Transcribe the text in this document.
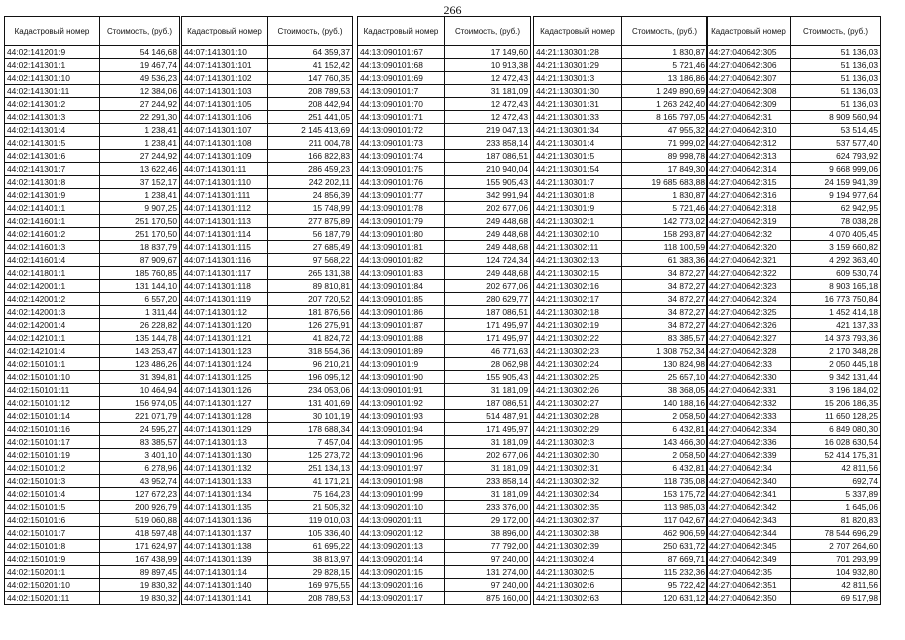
266
Кадастровый номер	Стоимость, (руб.)
44:02:141201:9	54 146,68
44:02:141301:1	19 467,74
44:02:141301:10	49 536,23
44:02:141301:11	12 384,06
44:02:141301:2	27 244,92
44:02:141301:3	22 291,30
44:02:141301:4	1 238,41
44:02:141301:5	1 238,41
44:02:141301:6	27 244,92
44:02:141301:7	13 622,46
44:02:141301:8	37 152,17
44:02:141301:9	1 238,41
44:02:141401:1	9 907,25
44:02:141601:1	251 170,50
44:02:141601:2	251 170,50
44:02:141601:3	18 837,79
44:02:141601:4	87 909,67
44:02:141801:1	185 760,85
44:02:142001:1	131 144,10
44:02:142001:2	6 557,20
44:02:142001:3	1 311,44
44:02:142001:4	26 228,82
44:02:142101:1	135 144,78
44:02:142101:4	143 253,47
44:02:150101:1	123 486,26
44:02:150101:10	31 394,81
44:02:150101:11	10 464,94
44:02:150101:12	156 974,05
44:02:150101:14	221 071,79
44:02:150101:16	24 595,27
44:02:150101:17	83 385,57
44:02:150101:19	3 401,10
44:02:150101:2	6 278,96
44:02:150101:3	43 952,74
44:02:150101:4	127 672,23
44:02:150101:5	200 926,79
44:02:150101:6	519 060,88
44:02:150101:7	418 597,48
44:02:150101:8	171 624,97
44:02:150101:9	167 438,99
44:02:150201:1	89 897,45
44:02:150201:10	19 830,32
44:02:150201:11	19 830,32
Кадастровый номер	Стоимость, (руб.)
44:07:141301:10	64 359,37
44:07:141301:101	41 152,42
44:07:141301:102	147 760,35
44:07:141301:103	208 789,53
44:07:141301:105	208 442,94
44:07:141301:106	251 441,05
44:07:141301:107	2 145 413,69
44:07:141301:108	211 004,78
44:07:141301:109	166 822,83
44:07:141301:11	286 459,23
44:07:141301:110	242 202,11
44:07:141301:111	24 856,39
44:07:141301:112	15 748,99
44:07:141301:113	277 875,89
44:07:141301:114	56 187,79
44:07:141301:115	27 685,49
44:07:141301:116	97 568,22
44:07:141301:117	265 131,38
44:07:141301:118	89 810,81
44:07:141301:119	207 720,52
44:07:141301:12	181 876,56
44:07:141301:120	126 275,91
44:07:141301:121	41 824,72
44:07:141301:123	318 554,36
44:07:141301:124	96 210,21
44:07:141301:125	196 095,12
44:07:141301:126	234 053,06
44:07:141301:127	131 401,69
44:07:141301:128	30 101,19
44:07:141301:129	178 688,34
44:07:141301:13	7 457,04
44:07:141301:130	125 273,72
44:07:141301:132	251 134,13
44:07:141301:133	41 171,21
44:07:141301:134	75 164,23
44:07:141301:135	21 505,32
44:07:141301:136	119 010,03
44:07:141301:137	105 336,40
44:07:141301:138	61 695,22
44:07:141301:139	38 813,97
44:07:141301:14	29 828,15
44:07:141301:140	169 975,55
44:07:141301:141	208 789,53
Кадастровый номер	Стоимость, (руб.)
44:13:090101:67	17 149,60
44:13:090101:68	10 913,38
44:13:090101:69	12 472,43
44:13:090101:7	31 181,09
44:13:090101:70	12 472,43
44:13:090101:71	12 472,43
44:13:090101:72	219 047,13
44:13:090101:73	233 858,14
44:13:090101:74	187 086,51
44:13:090101:75	210 940,04
44:13:090101:76	155 905,43
44:13:090101:77	342 991,94
44:13:090101:78	202 677,06
44:13:090101:79	249 448,68
44:13:090101:80	249 448,68
44:13:090101:81	249 448,68
44:13:090101:82	124 724,34
44:13:090101:83	249 448,68
44:13:090101:84	202 677,06
44:13:090101:85	280 629,77
44:13:090101:86	187 086,51
44:13:090101:87	171 495,97
44:13:090101:88	171 495,97
44:13:090101:89	46 771,63
44:13:090101:9	28 062,98
44:13:090101:90	155 905,43
44:13:090101:91	31 181,09
44:13:090101:92	187 086,51
44:13:090101:93	514 487,91
44:13:090101:94	171 495,97
44:13:090101:95	31 181,09
44:13:090101:96	202 677,06
44:13:090101:97	31 181,09
44:13:090101:98	233 858,14
44:13:090101:99	31 181,09
44:13:090201:10	233 376,00
44:13:090201:11	29 172,00
44:13:090201:12	38 896,00
44:13:090201:13	77 792,00
44:13:090201:14	97 240,00
44:13:090201:15	131 274,00
44:13:090201:16	97 240,00
44:13:090201:17	875 160,00
Кадастровый номер	Стоимость, (руб.)
44:21:130301:28	1 830,87
44:21:130301:29	5 721,46
44:21:130301:3	13 186,86
44:21:130301:30	1 249 890,69
44:21:130301:31	1 263 242,40
44:21:130301:33	8 165 797,05
44:21:130301:34	47 955,32
44:21:130301:4	71 999,02
44:21:130301:5	89 998,78
44:21:130301:54	17 849,30
44:21:130301:7	19 685 683,88
44:21:130301:8	1 830,87
44:21:130301:9	5 721,46
44:21:130302:1	142 773,02
44:21:130302:10	158 293,87
44:21:130302:11	118 100,59
44:21:130302:13	61 383,36
44:21:130302:15	34 872,27
44:21:130302:16	34 872,27
44:21:130302:17	34 872,27
44:21:130302:18	34 872,27
44:21:130302:19	34 872,27
44:21:130302:22	83 385,57
44:21:130302:23	1 308 752,34
44:21:130302:24	130 824,98
44:21:130302:25	25 657,10
44:21:130302:26	38 368,05
44:21:130302:27	140 188,16
44:21:130302:28	2 058,50
44:21:130302:29	6 432,81
44:21:130302:3	143 466,30
44:21:130302:30	2 058,50
44:21:130302:31	6 432,81
44:21:130302:32	118 735,08
44:21:130302:34	153 175,72
44:21:130302:35	113 985,03
44:21:130302:37	117 042,67
44:21:130302:38	462 906,59
44:21:130302:39	250 631,72
44:21:130302:4	87 669,71
44:21:130302:5	115 232,36
44:21:130302:6	95 722,42
44:21:130302:63	120 631,12
Кадастровый номер	Стоимость, (руб.)
44:27:040642:305	51 136,03
44:27:040642:306	51 136,03
44:27:040642:307	51 136,03
44:27:040642:308	51 136,03
44:27:040642:309	51 136,03
44:27:040642:31	8 909 560,94
44:27:040642:310	53 514,45
44:27:040642:312	537 577,40
44:27:040642:313	624 793,92
44:27:040642:314	9 668 999,06
44:27:040642:315	24 159 941,39
44:27:040642:316	9 194 977,64
44:27:040642:318	62 942,95
44:27:040642:319	78 038,28
44:27:040642:32	4 070 405,45
44:27:040642:320	3 159 660,82
44:27:040642:321	4 292 363,40
44:27:040642:322	609 530,74
44:27:040642:323	8 903 165,18
44:27:040642:324	16 773 750,84
44:27:040642:325	1 452 414,18
44:27:040642:326	421 137,33
44:27:040642:327	14 373 793,36
44:27:040642:328	2 170 348,28
44:27:040642:33	2 050 445,18
44:27:040642:330	9 342 131,44
44:27:040642:331	3 196 184,02
44:27:040642:332	15 206 186,35
44:27:040642:333	11 650 128,25
44:27:040642:334	6 849 080,30
44:27:040642:336	16 028 630,54
44:27:040642:339	52 414 175,31
44:27:040642:34	42 811,56
44:27:040642:340	692,74
44:27:040642:341	5 337,89
44:27:040642:342	1 645,06
44:27:040642:343	81 820,83
44:27:040642:344	78 544 696,29
44:27:040642:345	2 707 264,60
44:27:040642:349	701 293,99
44:27:040642:35	104 932,80
44:27:040642:351	42 811,56
44:27:040642:350	69 517,98
